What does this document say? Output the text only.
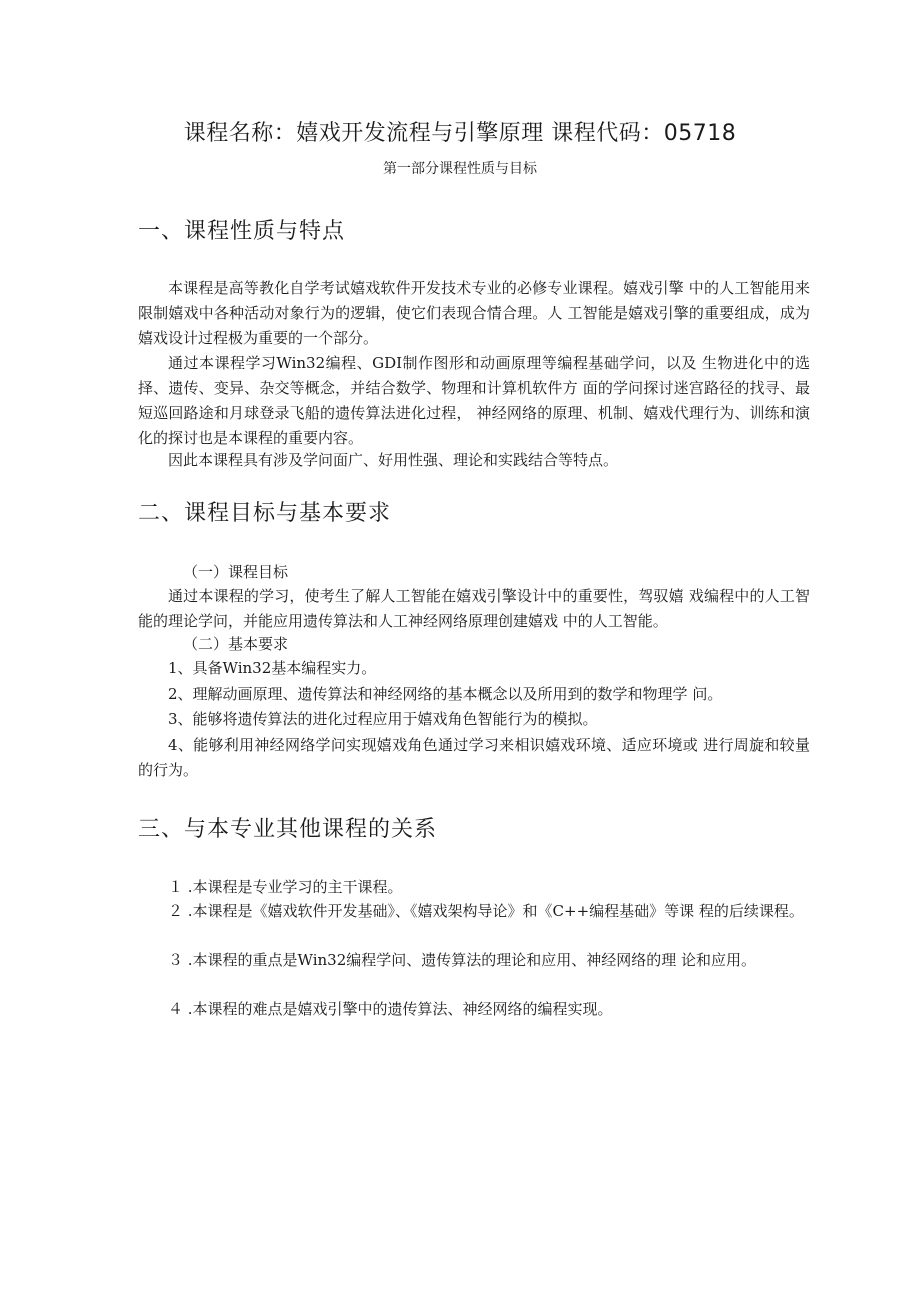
课程名称：嬉戏开发流程与引擎原理 课程代码：05718
第一部分课程性质与目标
一、课程性质与特点
本课程是高等教化自学考试嬉戏软件开发技术专业的必修专业课程。嬉戏引擎 中的人工智能用来限制嬉戏中各种活动对象行为的逻辑，使它们表现合情合理。人 工智能是嬉戏引擎的重要组成，成为嬉戏设计过程极为重要的一个部分。
通过本课程学习Win32编程、GDI制作图形和动画原理等编程基础学问，以及 生物进化中的选择、遗传、变异、杂交等概念，并结合数学、物理和计算机软件方 面的学问探讨迷宫路径的找寻、最短巡回路途和月球登录飞船的遗传算法进化过程， 神经网络的原理、机制、嬉戏代理行为、训练和演化的探讨也是本课程的重要内容。
因此本课程具有涉及学问面广、好用性强、理论和实践结合等特点。
二、课程目标与基本要求
（一）课程目标
通过本课程的学习，使考生了解人工智能在嬉戏引擎设计中的重要性，驾驭嬉 戏编程中的人工智能的理论学问，并能应用遗传算法和人工神经网络原理创建嬉戏 中的人工智能。
（二）基本要求
1、具备Win32基本编程实力。
2、理解动画原理、遗传算法和神经网络的基本概念以及所用到的数学和物理学 问。
3、能够将遗传算法的进化过程应用于嬉戏角色智能行为的模拟。
4、能够利用神经网络学问实现嬉戏角色通过学习来相识嬉戏环境、适应环境或 进行周旋和较量的行为。
三、与本专业其他课程的关系
１ .本课程是专业学习的主干课程。
２ .本课程是《嬉戏软件开发基础》、《嬉戏架构导论》和《C++编程基础》等课 程的后续课程。
３ .本课程的重点是Win32编程学问、遗传算法的理论和应用、神经网络的理 论和应用。
４ .本课程的难点是嬉戏引擎中的遗传算法、神经网络的编程实现。
